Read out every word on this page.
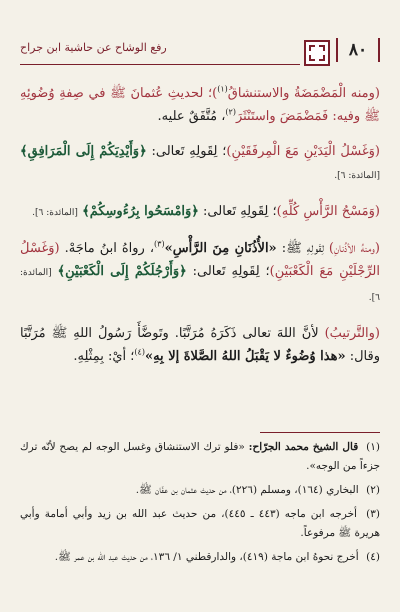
٨٠
رفع الوشاح عن حاشية ابن جراح

(ومنه الْمَضْمَضَةُ والاستنشاقُ$^{(١)}$)؛ لحديثِ عُثمانَ ﷺ في صِفةِ وُضُوئِهِ ﷺ وفيه: فَمَضْمَضَ واستَنْثَرَ$^{(٢)}$، مُتَّفَقٌ عليه.

(وَغَسْلُ الْيَدَيْنِ مَعَ الْمِرفَقَيْنِ)؛ لِقَولِهِ تَعالى: ﴿وَأَيْدِيَكُمْ إِلَى الْمَرَافِقِ﴾ [المائدة: ٦].

(وَمَسْحُ الرَّأْسِ كُلِّهِ)؛ لِقَولِهِ تَعالى: ﴿وَامْسَحُوا بِرُءُوسِكُمْ﴾ [المائدة: ٦].

(ومنهُ الأذُنانِ) لِقَولِهِ ﷺ: «الأُذُنَانِ مِنَ الرَّأْسِ»$^{(٣)}$، رواهُ ابنُ ماجَهْ. (وَغَسْلُ الرِّجْلَيْنِ مَعَ الْكَعْبَيْنِ)؛ لِقَولِهِ تَعالى: ﴿وَأَرْجُلَكُمْ إِلَى الْكَعْبَيْنِ﴾ [المائدة: ٦].

(والتَّرتيبُ) لأنَّ اللهَ تعالى ذَكَرَهُ مُرَتَّبًا. وتَوضَّأَ رَسُولُ اللهِ ﷺ مُرَتَّبًا وقال: «هذا وُضُوءٌ لا يَقْبَلُ اللهُ الصَّلاةَ إلا بِهِ»$^{(٤)}$؛ أيْ: بِمِثْلِهِ.

(١) قال الشيخ محمد الجرّاح: «فلو ترك الاستنشاق وغسل الوجه لم يصح لأنّه ترك جزءاً من الوجه».

(٢) البخاري (١٦٤)، ومسلم (٢٢٦)، من حديث عثمان بن عفّان ﷺ.

(٣) أخرجه ابن ماجه (٤٤٣ ـ ٤٤٥)، من حديث عبد الله بن زيد وأبي أمامة وأبي هريرة ﷺ مرفوعاً.

(٤) أخرج نحوهُ ابن ماجة (٤١٩)، والدارقطني ١/ ١٣٦، من حديث عبد الله بن عمر ﷺ.
